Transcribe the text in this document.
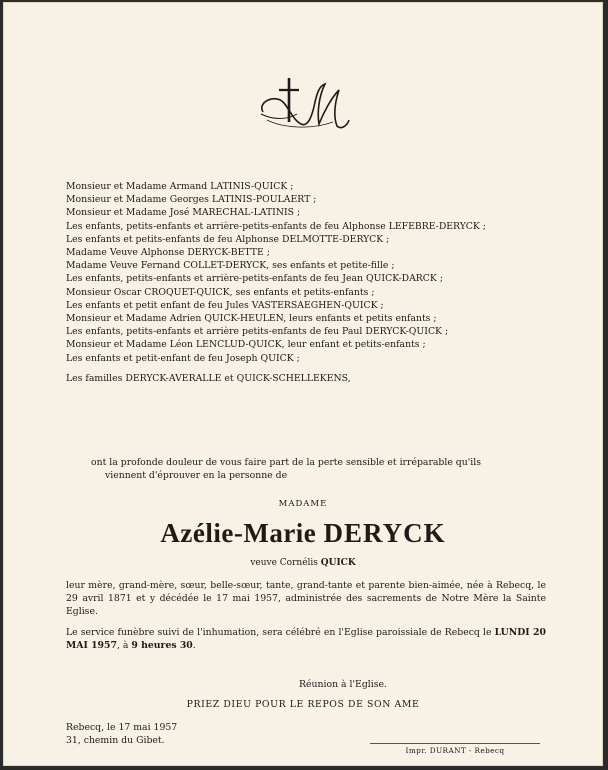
Monsieur et Madame Armand LATINIS-QUICK ;
Monsieur et Madame Georges LATINIS-POULAERT ;
Monsieur et Madame José MARECHAL-LATINIS ;
Les enfants, petits-enfants et arrière-petits-enfants de feu Alphonse LEFEBRE-DERYCK ;
Les enfants et petits-enfants de feu Alphonse DELMOTTE-DERYCK ;
Madame Veuve Alphonse DERYCK-BETTE ;
Madame Veuve Fernand COLLET-DERYCK, ses enfants et petite-fille ;
Les enfants, petits-enfants et arrière-petits-enfants de feu Jean QUICK-DARCK ;
Monsieur Oscar CROQUET-QUICK, ses enfants et petits-enfants ;
Les enfants et petit enfant de feu Jules VASTERSAEGHEN-QUICK ;
Monsieur et Madame Adrien QUICK-HEULEN, leurs enfants et petits enfants ;
Les enfants, petits-enfants et arrière petits-enfants de feu Paul DERYCK-QUICK ;
Monsieur et Madame Léon LENCLUD-QUICK, leur enfant et petits-enfants ;
Les enfants et petit-enfant de feu Joseph QUICK ;
Les familles DERYCK-AVERALLE et QUICK-SCHELLEKENS,
ont la profonde douleur de vous faire part de la perte sensible et irréparable qu'ils
viennent d'éprouver en la personne de
MADAME
Azélie-Marie DERYCK
veuve Cornélis QUICK

leur mère, grand-mère, sœur, belle-sœur, tante, grand-tante et parente bien-aimée, née à Rebecq, le 29 avril 1871 et y décédée le 17 mai 1957, administrée des sacrements de Notre Mère la Sainte Eglise.

Le service funèbre suivi de l'inhumation, sera célébré en l'Eglise paroissiale de Rebecq le LUNDI 20 MAI 1957, à 9 heures 30.

Réunion à l'Eglise.
PRIEZ DIEU POUR LE REPOS DE SON AME
Rebecq, le 17 mai 1957
31, chemin du Gibet.
Impr. DURANT - Rebecq
